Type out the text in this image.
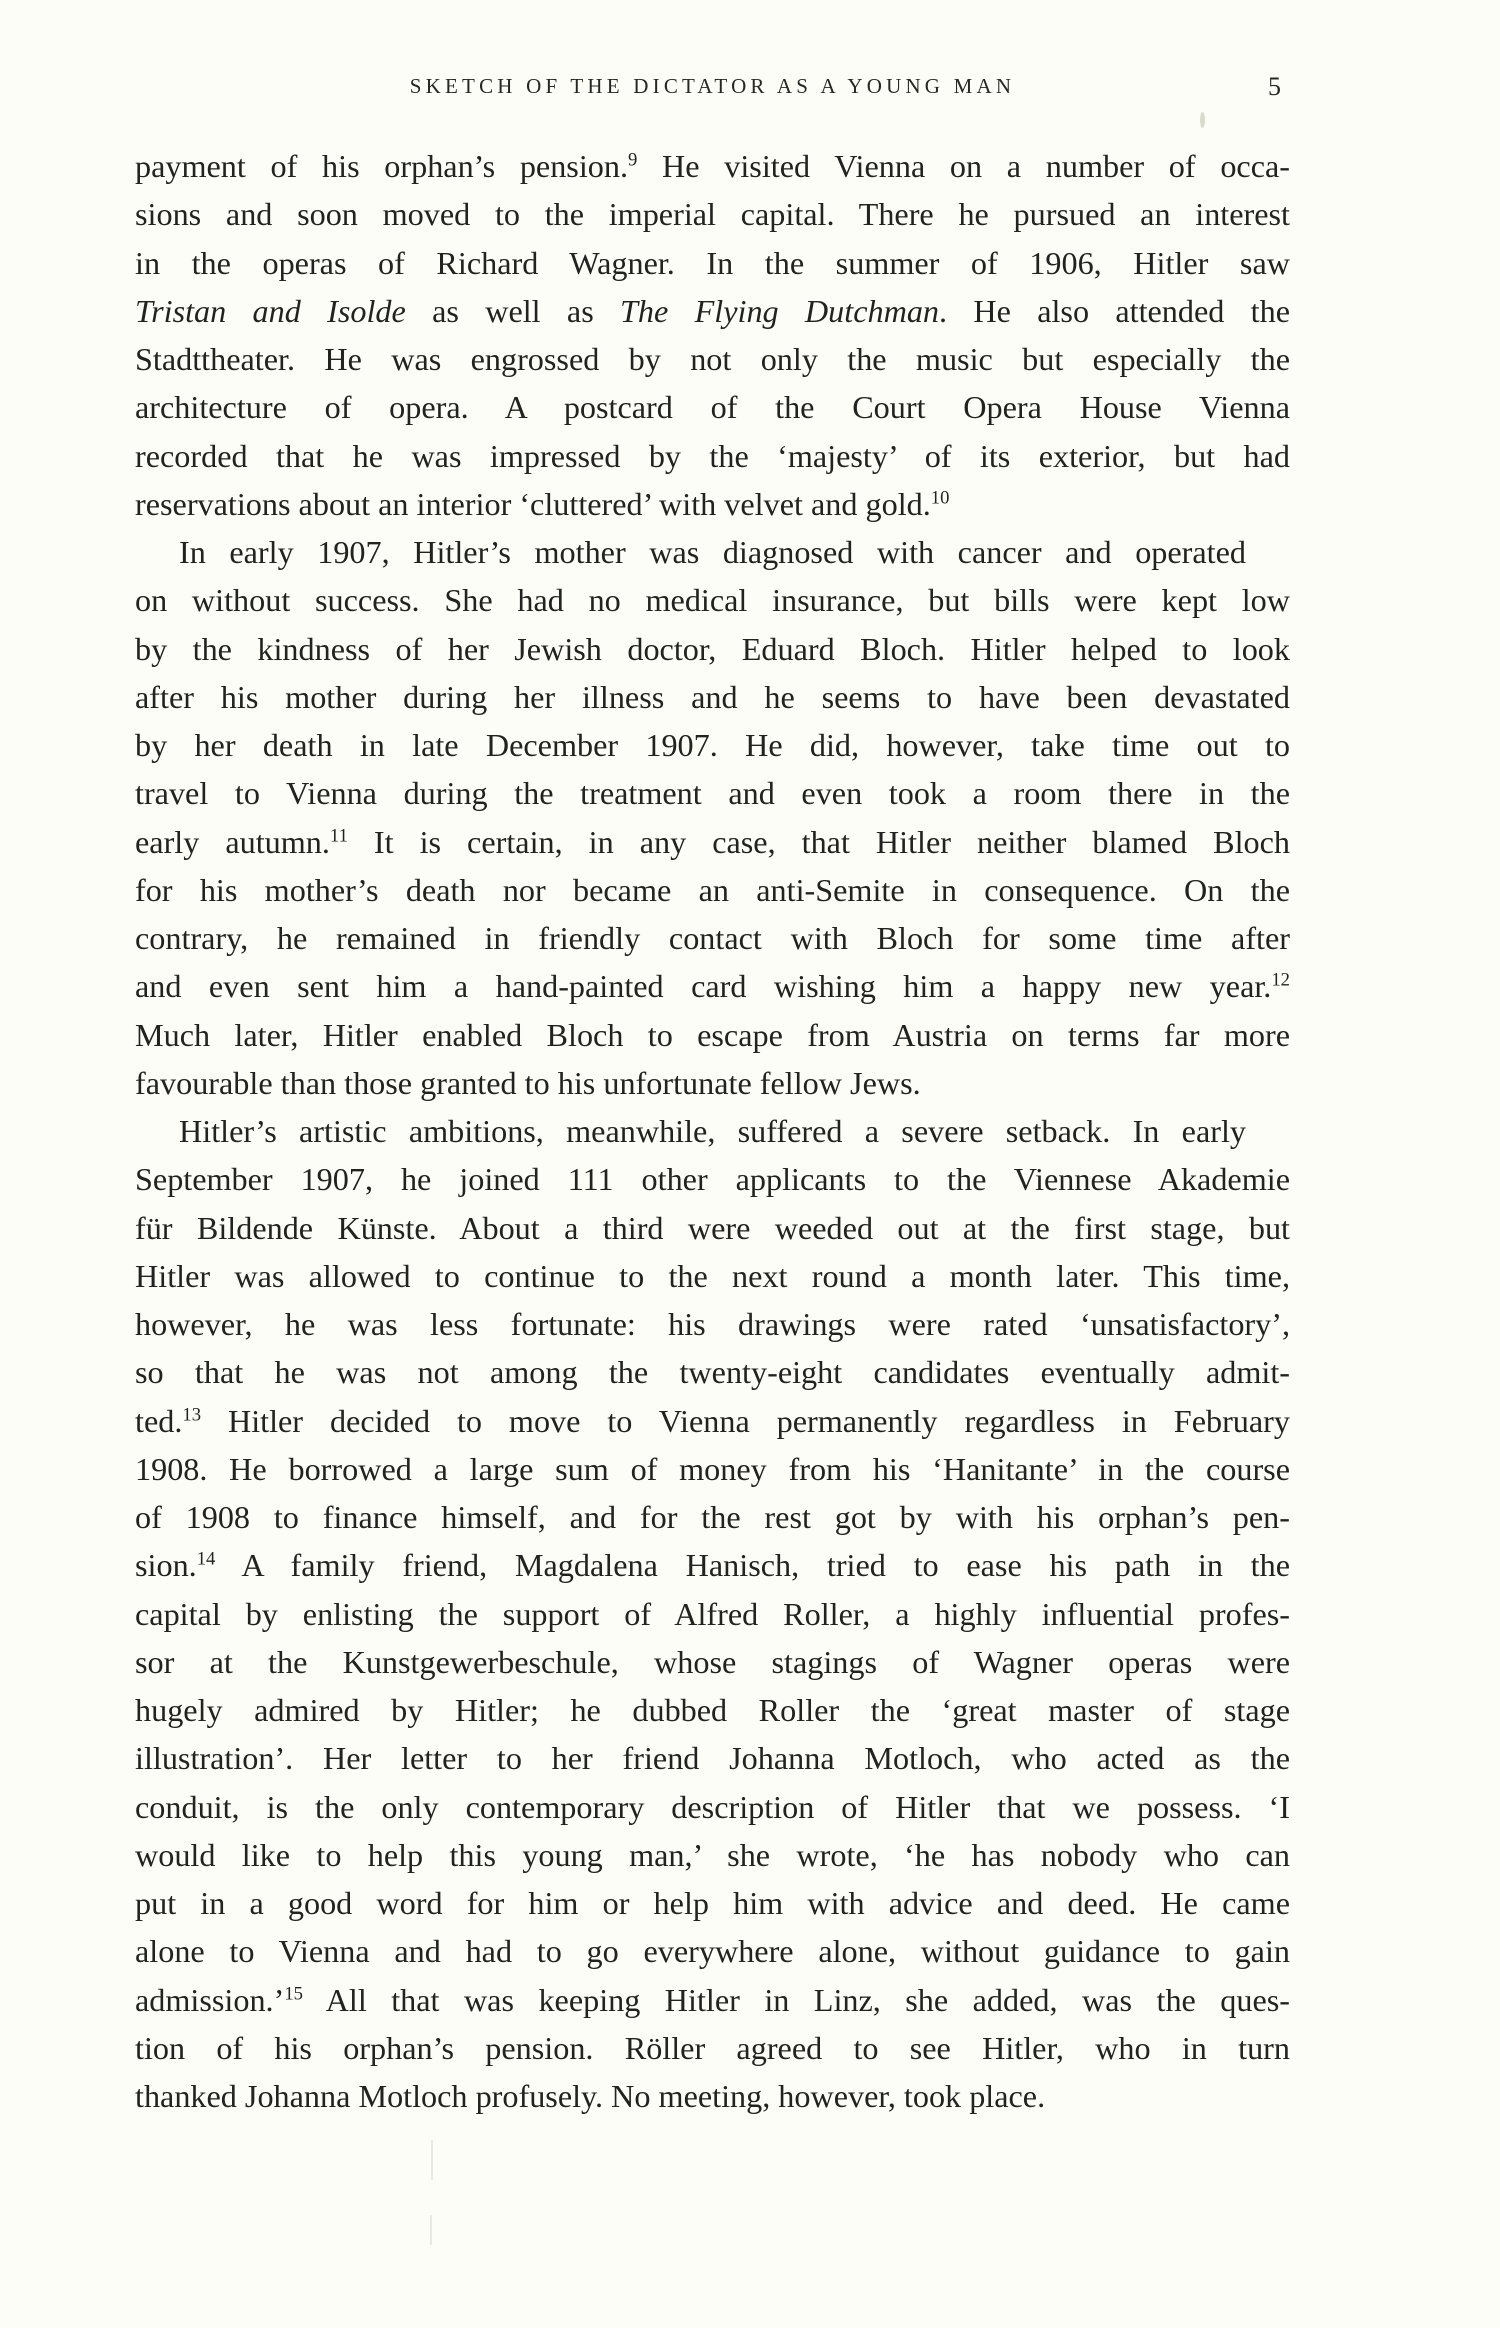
SKETCH OF THE DICTATOR AS A YOUNG MAN	5

payment of his orphan’s pension.$^9$ He visited Vienna on a number of occa-
sions and soon moved to the imperial capital. There he pursued an interest
in the operas of Richard Wagner. In the summer of 1906, Hitler saw
Tristan and Isolde as well as The Flying Dutchman. He also attended the
Stadttheater. He was engrossed by not only the music but especially the
architecture of opera. A postcard of the Court Opera House Vienna
recorded that he was impressed by the ‘majesty’ of its exterior, but had
reservations about an interior ‘cluttered’ with velvet and gold.$^{10}$

In early 1907, Hitler’s mother was diagnosed with cancer and operated
on without success. She had no medical insurance, but bills were kept low
by the kindness of her Jewish doctor, Eduard Bloch. Hitler helped to look
after his mother during her illness and he seems to have been devastated
by her death in late December 1907. He did, however, take time out to
travel to Vienna during the treatment and even took a room there in the
early autumn.$^{11}$ It is certain, in any case, that Hitler neither blamed Bloch
for his mother’s death nor became an anti-Semite in consequence. On the
contrary, he remained in friendly contact with Bloch for some time after
and even sent him a hand-painted card wishing him a happy new year.$^{12}$
Much later, Hitler enabled Bloch to escape from Austria on terms far more
favourable than those granted to his unfortunate fellow Jews.

Hitler’s artistic ambitions, meanwhile, suffered a severe setback. In early
September 1907, he joined 111 other applicants to the Viennese Akademie
für Bildende Künste. About a third were weeded out at the first stage, but
Hitler was allowed to continue to the next round a month later. This time,
however, he was less fortunate: his drawings were rated ‘unsatisfactory’,
so that he was not among the twenty-eight candidates eventually admit-
ted.$^{13}$ Hitler decided to move to Vienna permanently regardless in February
1908. He borrowed a large sum of money from his ‘Hanitante’ in the course
of 1908 to finance himself, and for the rest got by with his orphan’s pen-
sion.$^{14}$ A family friend, Magdalena Hanisch, tried to ease his path in the
capital by enlisting the support of Alfred Roller, a highly influential profes-
sor at the Kunstgewerbeschule, whose stagings of Wagner operas were
hugely admired by Hitler; he dubbed Roller the ‘great master of stage
illustration’. Her letter to her friend Johanna Motloch, who acted as the
conduit, is the only contemporary description of Hitler that we possess. ‘I
would like to help this young man,’ she wrote, ‘he has nobody who can
put in a good word for him or help him with advice and deed. He came
alone to Vienna and had to go everywhere alone, without guidance to gain
admission.’$^{15}$ All that was keeping Hitler in Linz, she added, was the ques-
tion of his orphan’s pension. Röller agreed to see Hitler, who in turn
thanked Johanna Motloch profusely. No meeting, however, took place.
